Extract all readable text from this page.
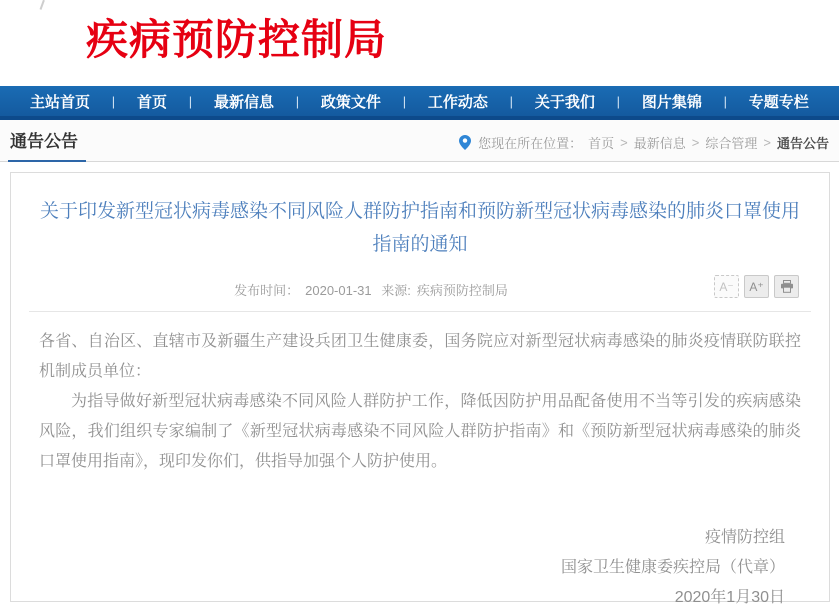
疾病预防控制局
主站首页 | 首页 | 最新信息 | 政策文件 | 工作动态 | 关于我们 | 图片集锦 | 专题专栏
通告公告	您现在所在位置： 首页 > 最新信息 > 综合管理 > 通告公告
关于印发新型冠状病毒感染不同风险人群防护指南和预防新型冠状病毒感染的肺炎口罩使用指南的通知
发布时间： 2020-01-31 来源: 疾病预防控制局	A⁻	A⁺

各省、自治区、直辖市及新疆生产建设兵团卫生健康委，国务院应对新型冠状病毒感染的肺炎疫情联防联控机制成员单位：

为指导做好新型冠状病毒感染不同风险人群防护工作，降低因防护用品配备使用不当等引发的疾病感染风险，我们组织专家编制了《新型冠状病毒感染不同风险人群防护指南》和《预防新型冠状病毒感染的肺炎口罩使用指南》，现印发你们，供指导加强个人防护使用。

疫情防控组
国家卫生健康委疾控局（代章）
2020年1月30日
